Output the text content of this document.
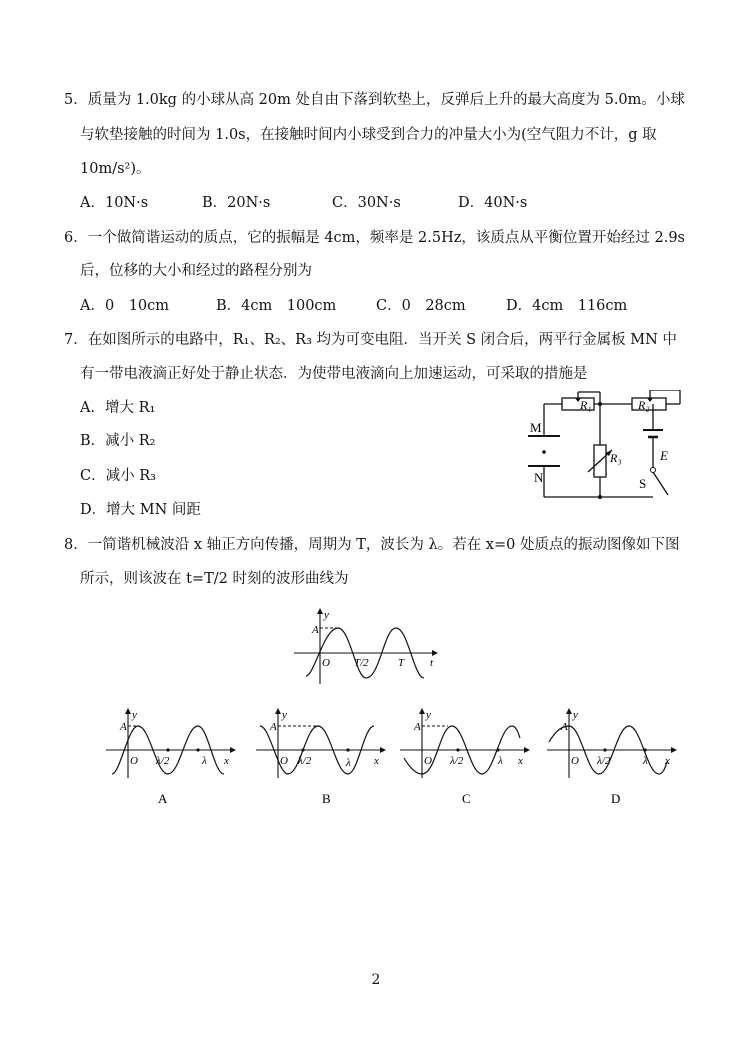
5．质量为 1.0kg 的小球从高 20m 处自由下落到软垫上，反弹后上升的最大高度为 5.0m。小球
与软垫接触的时间为 1.0s，在接触时间内小球受到合力的冲量大小为(空气阻力不计，g 取
10m/s²)。
A．10N·s	B．20N·s	C．30N·s	D．40N·s
6．一个做简谐运动的质点，它的振幅是 4cm，频率是 2.5Hz，该质点从平衡位置开始经过 2.9s
后，位移的大小和经过的路程分别为
A．0　10cm	B．4cm　100cm	C．0　28cm	D．4cm　116cm
7．在如图所示的电路中，R₁、R₂、R₃ 均为可变电阻．当开关 S 闭合后，两平行金属板 MN 中
有一带电液滴正好处于静止状态．为使带电液滴向上加速运动，可采取的措施是
A．增大 R₁
B．减小 R₂
C．减小 R₃
D．增大 MN 间距
R₁	R₂
R₃
M
N
E
S
8．一简谐机械波沿 x 轴正方向传播，周期为 T，波长为 λ。若在 x=0 处质点的振动图像如下图
所示，则该波在 t=T/2 时刻的波形曲线为
y
A
O T/2	T t
y
A
O λ/2	λ x
A
y
A
O λ/2	λ x
B
y
A
O λ/2	λ x
C
y
A
O λ/2	λ x
D
2
